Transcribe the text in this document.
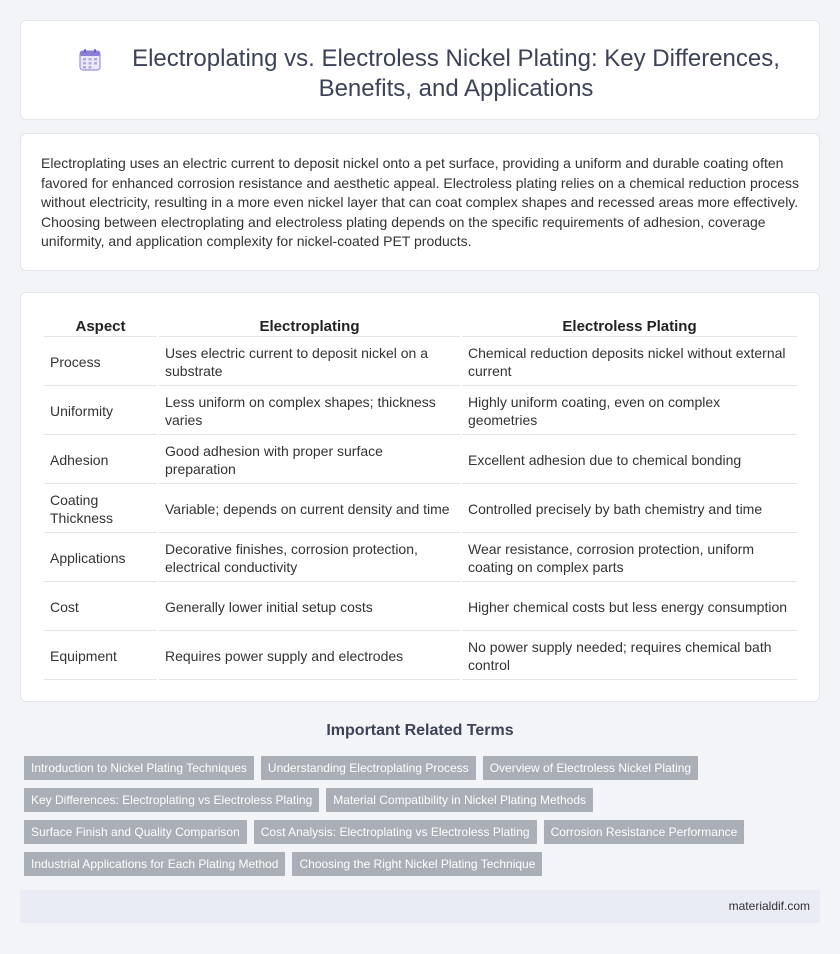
Electroplating vs. Electroless Nickel Plating: Key Differences, Benefits, and Applications

Electroplating uses an electric current to deposit nickel onto a pet surface, providing a uniform and durable coating often favored for enhanced corrosion resistance and aesthetic appeal. Electroless plating relies on a chemical reduction process without electricity, resulting in a more even nickel layer that can coat complex shapes and recessed areas more effectively. Choosing between electroplating and electroless plating depends on the specific requirements of adhesion, coverage uniformity, and application complexity for nickel-coated PET products.

Aspect	Electroplating	Electroless Plating
Process	Uses electric current to deposit nickel on a substrate	Chemical reduction deposits nickel without external current
Uniformity	Less uniform on complex shapes; thickness varies	Highly uniform coating, even on complex geometries
Adhesion	Good adhesion with proper surface preparation	Excellent adhesion due to chemical bonding
Coating Thickness	Variable; depends on current density and time	Controlled precisely by bath chemistry and time
Applications	Decorative finishes, corrosion protection, electrical conductivity	Wear resistance, corrosion protection, uniform coating on complex parts
Cost	Generally lower initial setup costs	Higher chemical costs but less energy consumption
Equipment	Requires power supply and electrodes	No power supply needed; requires chemical bath control
Important Related Terms
Introduction to Nickel Plating Techniques	Understanding Electroplating Process	Overview of Electroless Nickel Plating
Key Differences: Electroplating vs Electroless Plating	Material Compatibility in Nickel Plating Methods
Surface Finish and Quality Comparison	Cost Analysis: Electroplating vs Electroless Plating	Corrosion Resistance Performance
Industrial Applications for Each Plating Method	Choosing the Right Nickel Plating Technique
materialdif.com
